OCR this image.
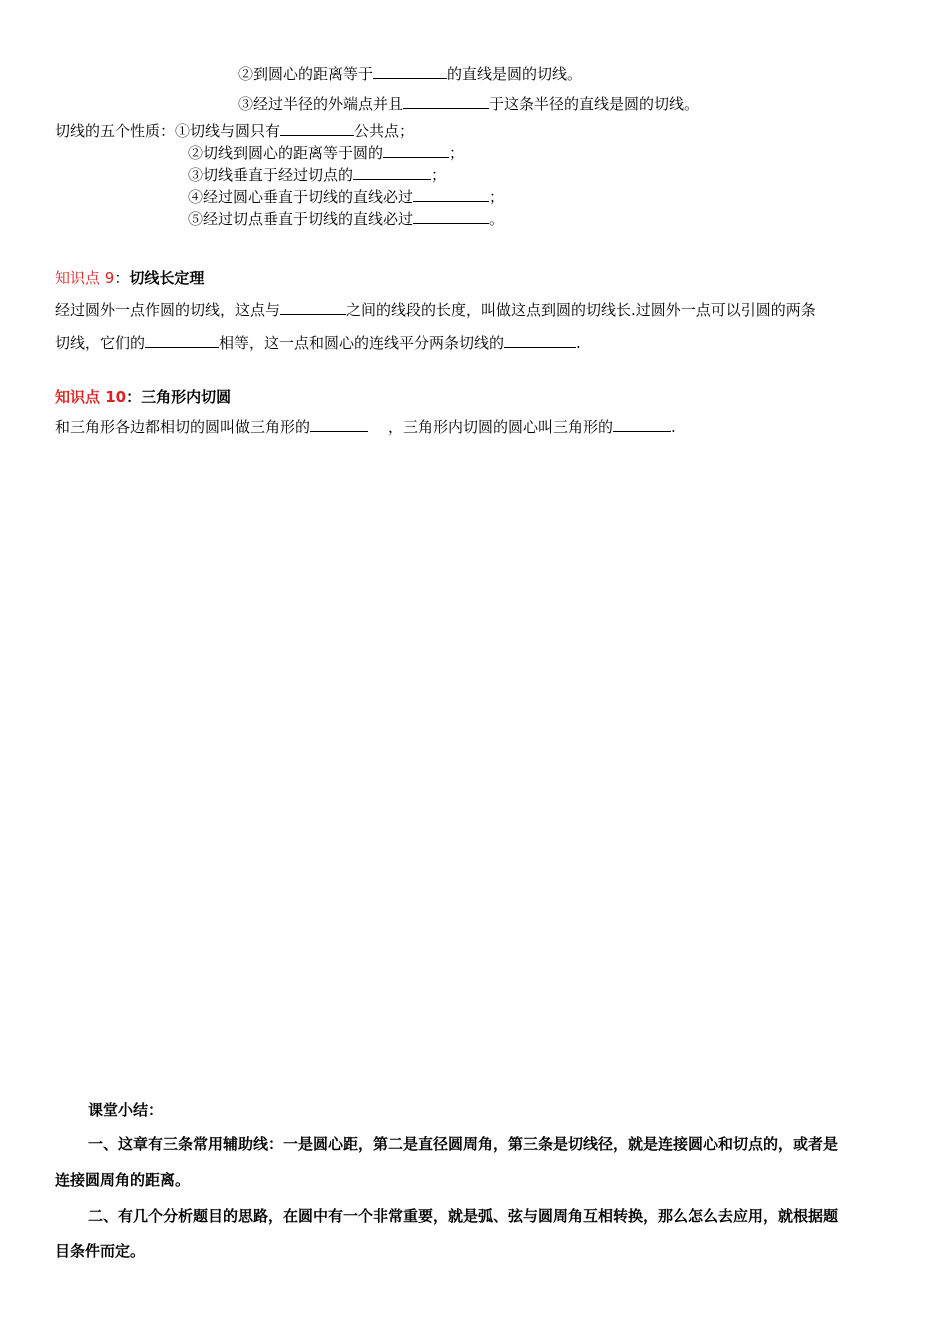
②到圆心的距离等于	的直线是圆的切线。
③经过半径的外端点并且	于这条半径的直线是圆的切线。
切线的五个性质：①切线与圆只有	公共点；
②切线到圆心的距离等于圆的	；
③切线垂直于经过切点的	；
④经过圆心垂直于切线的直线必过	；
⑤经过切点垂直于切线的直线必过	。
知识点 9：切线长定理
经过圆外一点作圆的切线，这点与	之间的线段的长度，叫做这点到圆的切线长.过圆外一点可以引圆的两条
切线，它们的	相等，这一点和圆心的连线平分两条切线的	.
知识点 10：三角形内切圆
和三角形各边都相切的圆叫做三角形的	，三角形内切圆的圆心叫三角形的	.
课堂小结：
一、这章有三条常用辅助线：一是圆心距，第二是直径圆周角，第三条是切线径，就是连接圆心和切点的，或者是
连接圆周角的距离。
二、有几个分析题目的思路，在圆中有一个非常重要，就是弧、弦与圆周角互相转换，那么怎么去应用，就根据题
目条件而定。
